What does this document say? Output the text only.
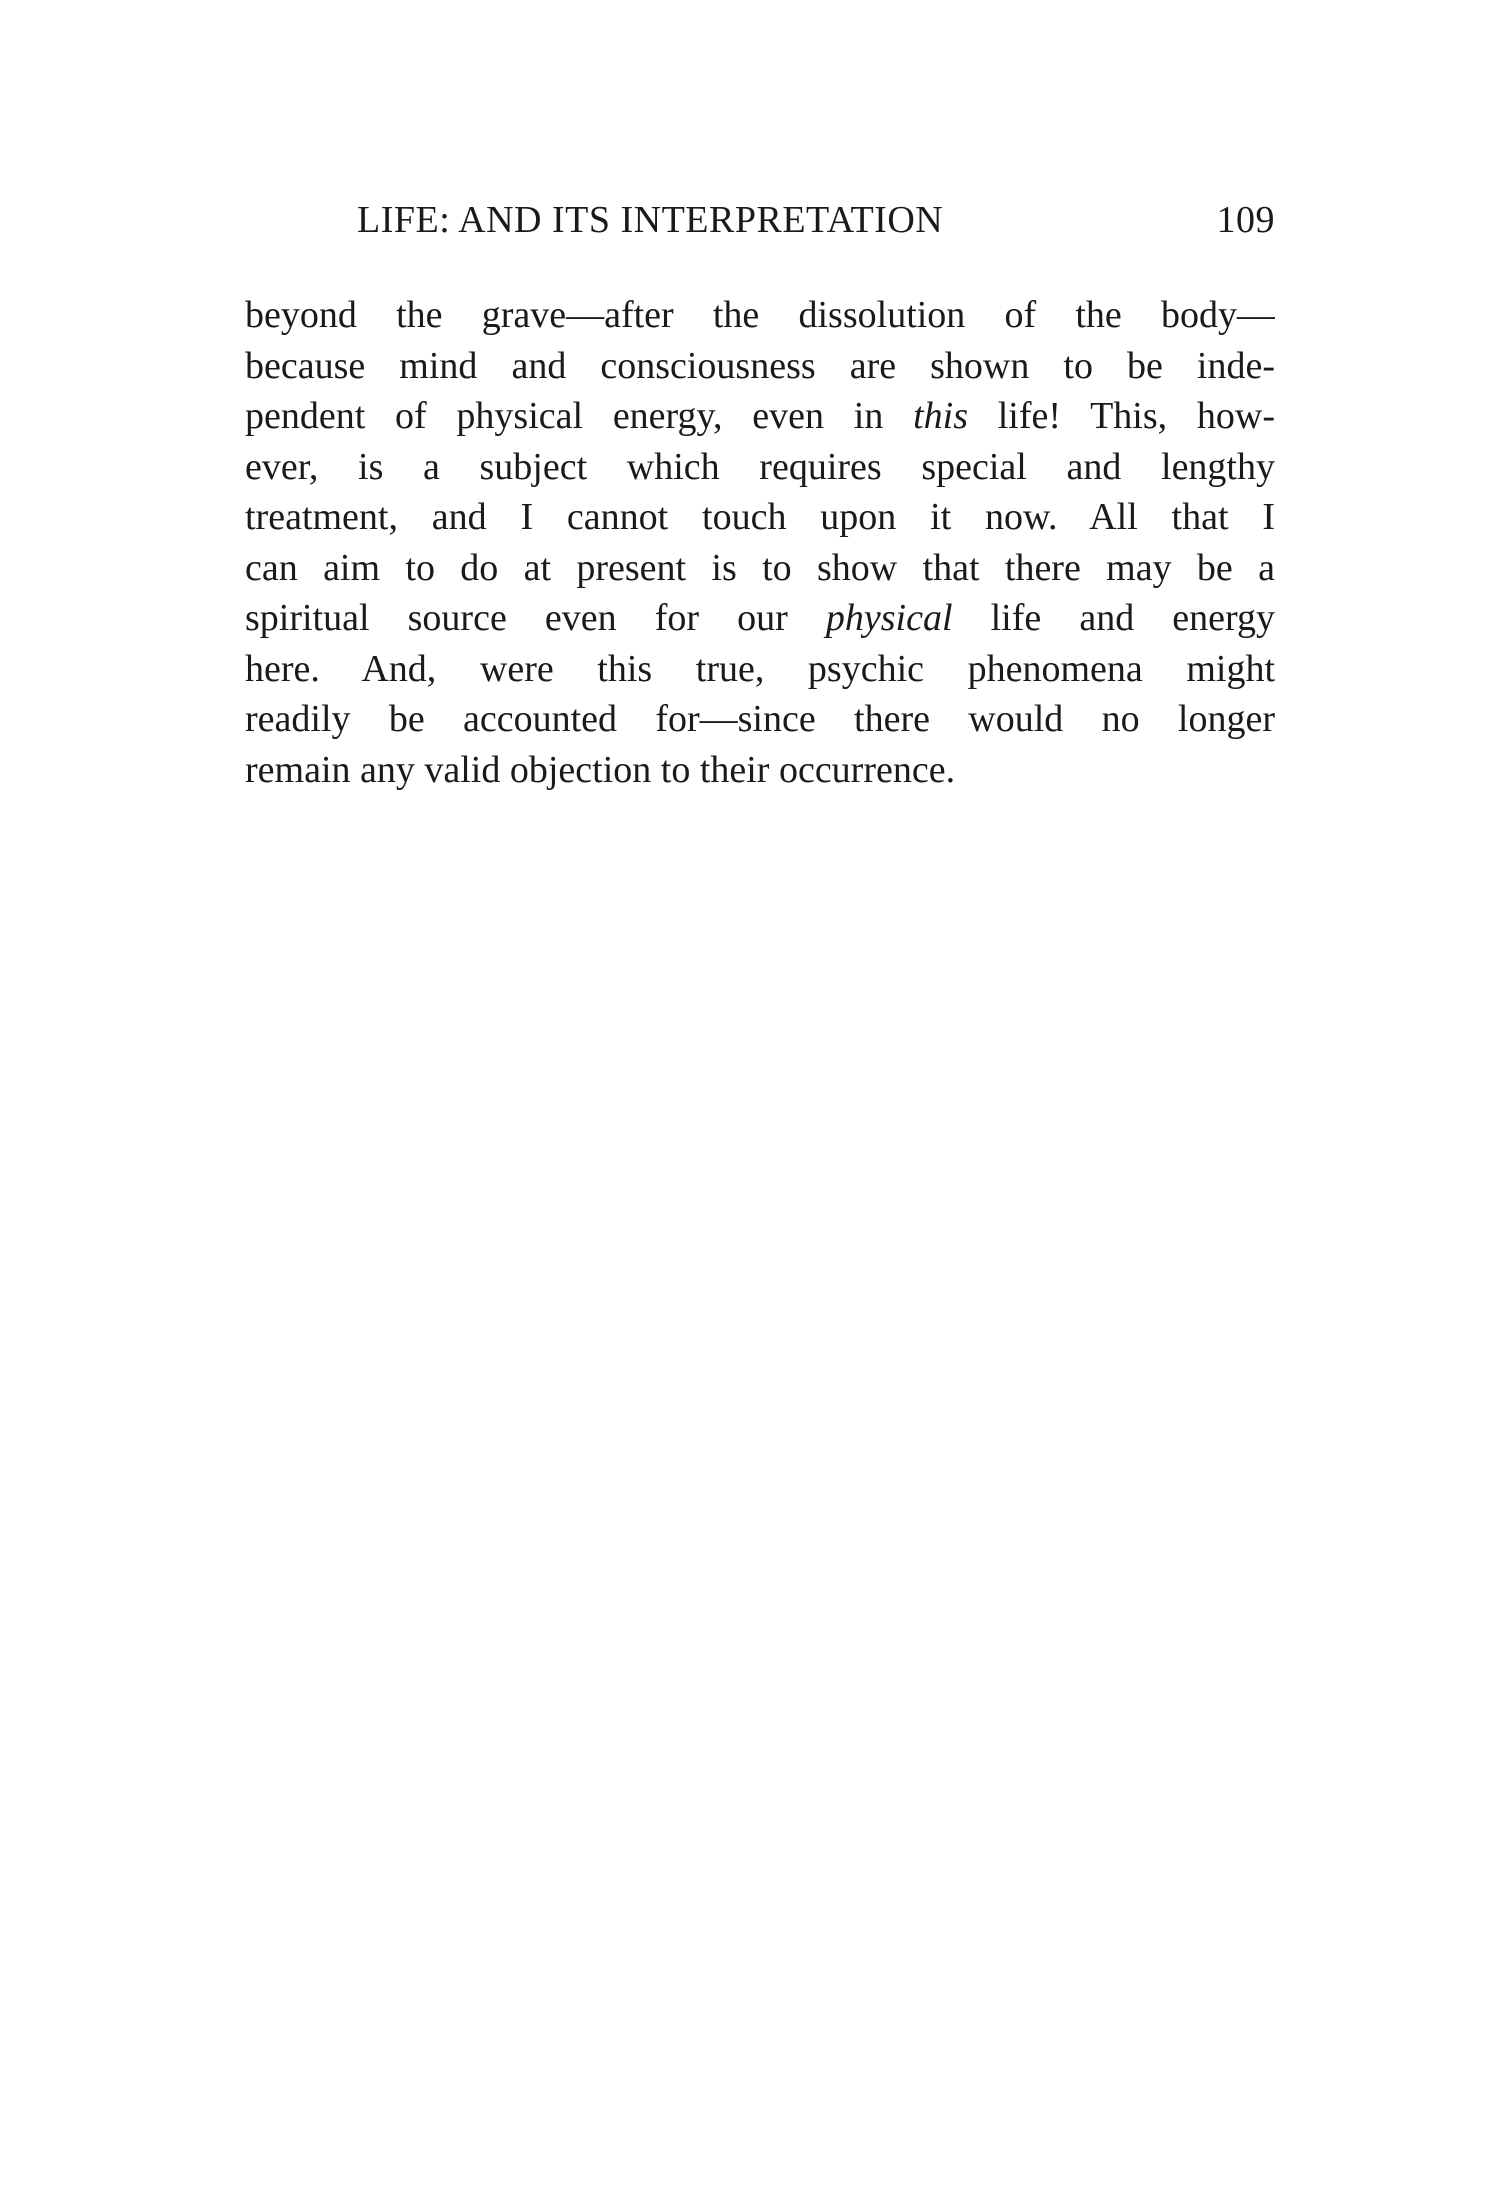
LIFE: AND ITS INTERPRETATION	109
beyond the grave—after the dissolution of the body—
because mind and consciousness are shown to be inde-
pendent of physical energy, even in this life! This, how-
ever, is a subject which requires special and lengthy
treatment, and I cannot touch upon it now. All that I
can aim to do at present is to show that there may be a
spiritual source even for our physical life and energy
here. And, were this true, psychic phenomena might
readily be accounted for—since there would no longer
remain any valid objection to their occurrence.
